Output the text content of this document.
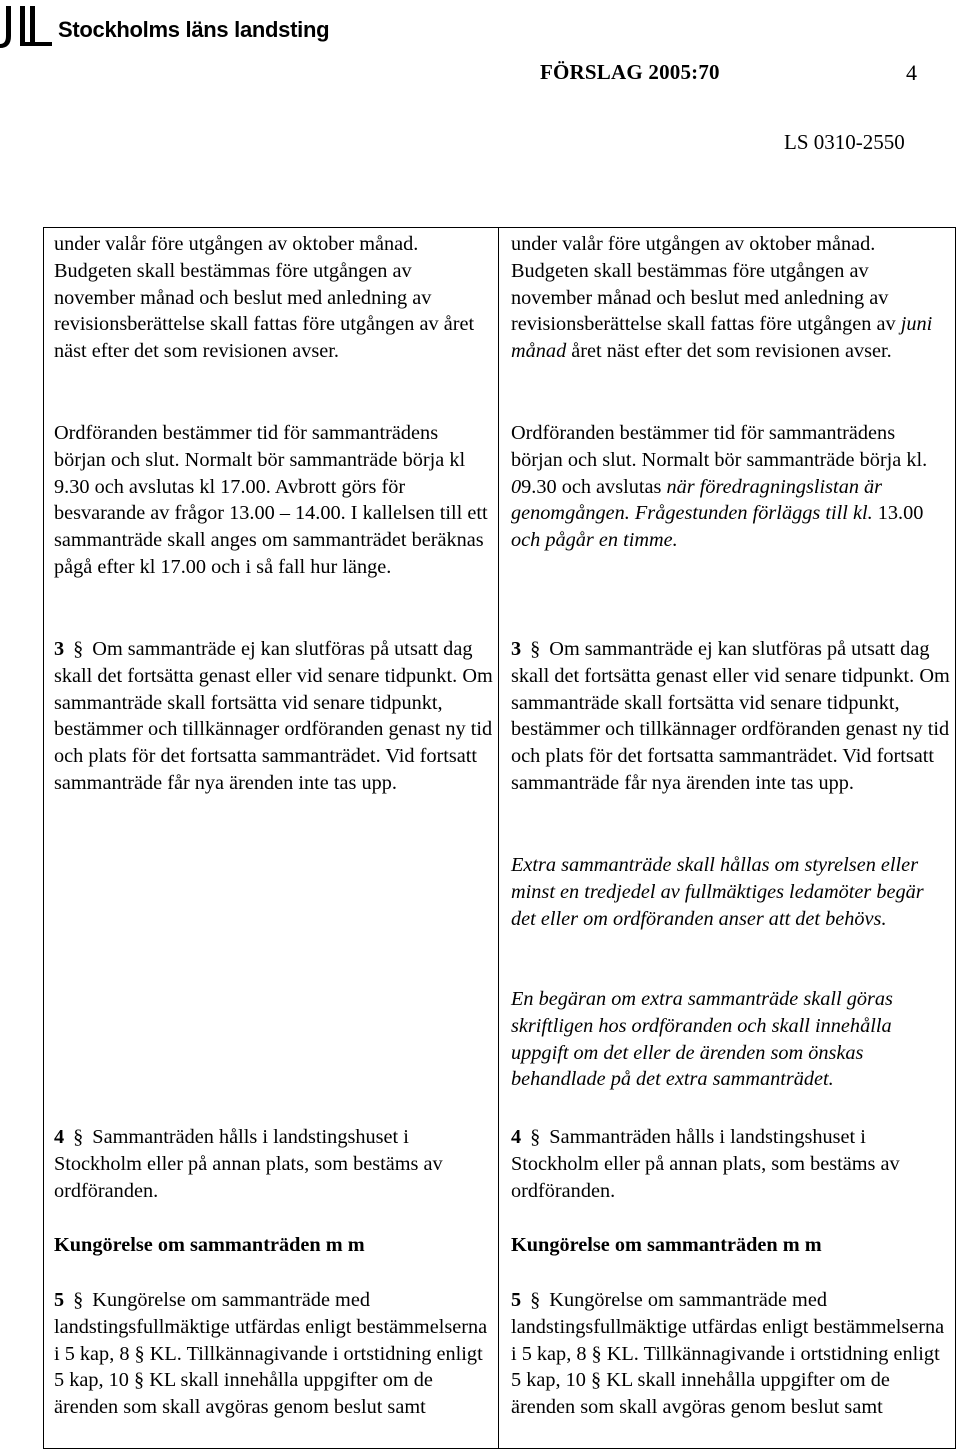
Stockholms läns landsting
FÖRSLAG 2005:70	4
LS 0310-2550

under valår före utgången av oktober månad. Budgeten skall bestämmas före utgången av november månad och beslut med anledning av revisionsberättelse skall fattas före utgången av året näst efter det som revisionen avser.

Ordföranden bestämmer tid för sammanträdens början och slut. Normalt bör sammanträde börja kl 9.30 och avslutas kl 17.00. Avbrott görs för besvarande av frågor 13.00 – 14.00. I kallelsen till ett sammanträde skall anges om sammanträdet beräknas pågå efter kl 17.00 och i så fall hur länge.

3 § Om sammanträde ej kan slutföras på utsatt dag skall det fortsätta genast eller vid senare tidpunkt. Om sammanträde skall fortsätta vid senare tidpunkt, bestämmer och tillkännager ordföranden genast ny tid och plats för det fortsatta sammanträdet. Vid fortsatt sammanträde får nya ärenden inte tas upp.

4 § Sammanträden hålls i landstingshuset i Stockholm eller på annan plats, som bestäms av ordföranden.

Kungörelse om sammanträden m m

5 § Kungörelse om sammanträde med landstingsfullmäktige utfärdas enligt bestämmelserna i 5 kap, 8 § KL. Tillkännagivande i ortstidning enligt 5 kap, 10 § KL skall innehålla uppgifter om de ärenden som skall avgöras genom beslut samt

under valår före utgången av oktober månad. Budgeten skall bestämmas före utgången av november månad och beslut med anledning av revisionsberättelse skall fattas före utgången av juni månad året näst efter det som revisionen avser.

Ordföranden bestämmer tid för sammanträdens början och slut. Normalt bör sammanträde börja kl. 09.30 och avslutas när föredragningslistan är genomgången. Frågestunden förläggs till kl. 13.00 och pågår en timme.

3 § Om sammanträde ej kan slutföras på utsatt dag skall det fortsätta genast eller vid senare tidpunkt. Om sammanträde skall fortsätta vid senare tidpunkt, bestämmer och tillkännager ordföranden genast ny tid och plats för det fortsatta sammanträdet. Vid fortsatt sammanträde får nya ärenden inte tas upp.

Extra sammanträde skall hållas om styrelsen eller minst en tredjedel av fullmäktiges ledamöter begär det eller om ordföranden anser att det behövs.

En begäran om extra sammanträde skall göras skriftligen hos ordföranden och skall innehålla uppgift om det eller de ärenden som önskas behandlade på det extra sammanträdet.

4 § Sammanträden hålls i landstingshuset i Stockholm eller på annan plats, som bestäms av ordföranden.

Kungörelse om sammanträden m m

5 § Kungörelse om sammanträde med landstingsfullmäktige utfärdas enligt bestämmelserna i 5 kap, 8 § KL. Tillkännagivande i ortstidning enligt 5 kap, 10 § KL skall innehålla uppgifter om de ärenden som skall avgöras genom beslut samt
